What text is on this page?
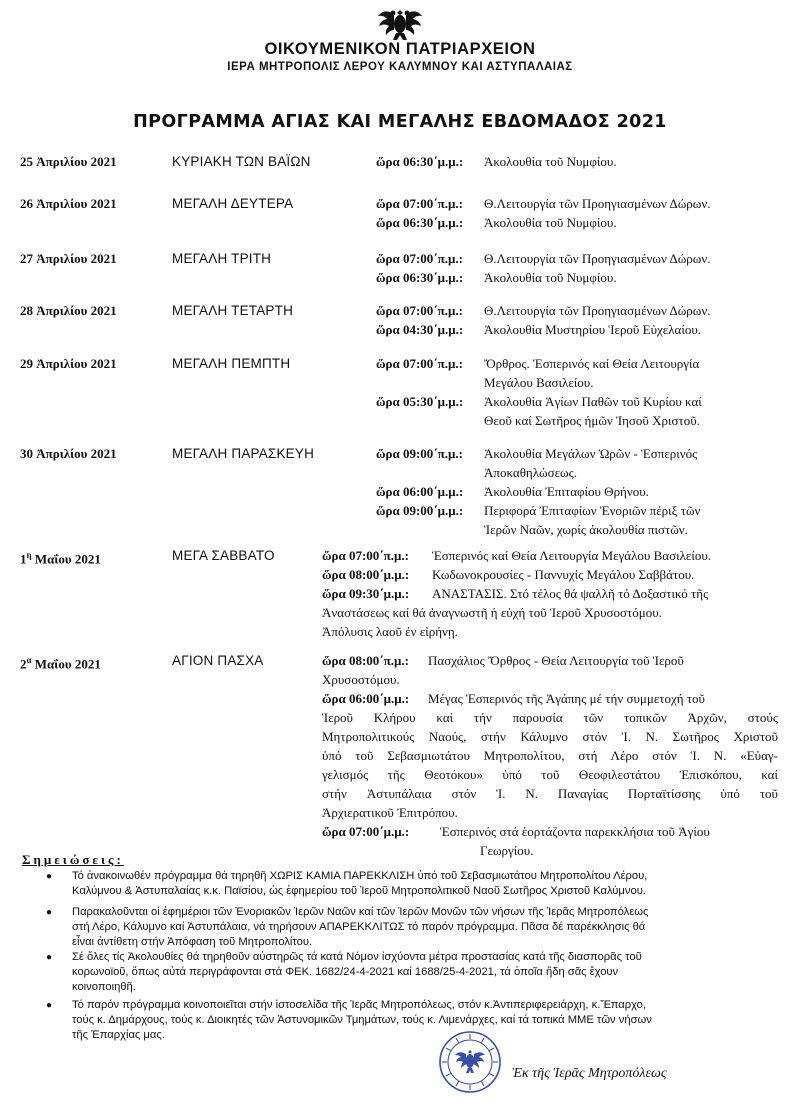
ΟΙΚΟΥΜΕΝΙΚΟΝ ΠΑΤΡΙΑΡΧΕΙΟΝ
ΙΕΡΑ ΜΗΤΡΟΠΟΛΙΣ ΛΕΡΟΥ ΚΑΛΥΜΝΟΥ ΚΑΙ ΑΣΤΥΠΑΛΑΙΑΣ
ΠΡΟΓΡΑΜΜΑ ΑΓΙΑΣ ΚΑΙ ΜΕΓΑΛΗΣ ΕΒΔΟΜΑΔΟΣ 2021
25 Ἀπριλίου 2021	ΚΥΡΙΑΚΗ ΤΩΝ ΒΑΪΩΝ	ὥρα 06:30΄μ.μ.: Ἀκολουθία τοῦ Νυμφίου.
26 Ἀπριλίου 2021	ΜΕΓΑΛΗ ΔΕΥΤΕΡΑ	ὥρα 07:00΄π.μ.: Θ.Λειτουργία τῶν Προηγιασμένων Δώρων.
ὥρα 06:30΄μ.μ.: Ἀκολουθία τοῦ Νυμφίου.
27 Ἀπριλίου 2021	ΜΕΓΑΛΗ ΤΡΙΤΗ	ὥρα 07:00΄π.μ.: Θ.Λειτουργία τῶν Προηγιασμένων Δώρων.
ὥρα 06:30΄μ.μ.: Ἀκολουθία τοῦ Νυμφίου.
28 Ἀπριλίου 2021	ΜΕΓΑΛΗ ΤΕΤΑΡΤΗ	ὥρα 07:00΄π.μ.: Θ.Λειτουργία τῶν Προηγιασμένων Δώρων.
ὥρα 04:30΄μ.μ.: Ἀκολουθία Μυστηρίου Ἱεροῦ Εὐχελαίου.
29 Ἀπριλίου 2021	ΜΕΓΑΛΗ ΠΕΜΠΤΗ	ὥρα 07:00΄π.μ.: Ὄρθρος. Ἑσπερινός καί Θεία Λειτουργία
Μεγάλου Βασιλείου.
ὥρα 05:30΄μ.μ.: Ἀκολουθία Ἁγίων Παθῶν τοῦ Κυρίου καί
Θεοῦ καί Σωτῆρος ἡμῶν Ἰησοῦ Χριστοῦ.
30 Ἀπριλίου 2021	ΜΕΓΑΛΗ ΠΑΡΑΣΚΕΥΗ	ὥρα 09:00΄π.μ.: Ἀκολουθία Μεγάλων Ὡρῶν - Ἑσπερινός
Ἀποκαθηλώσεως.
ὥρα 06:00΄μ.μ.: Ἀκολουθία Ἐπιταφίου Θρήνου.
ὥρα 09:00΄μ.μ.: Περιφορά Ἐπιταφίων Ἐνοριῶν πέριξ τῶν
Ἱερῶν Ναῶν, χωρίς ἀκολουθία πιστῶν.
$1^\eta$ Μαΐου 2021	ΜΕΓΑ ΣΑΒΒΑΤΟ	ὥρα 07:00΄π.μ.: Ἑσπερινός καί Θεία Λειτουργία Μεγάλου Βασιλείου.
ὥρα 08:00΄μ.μ.: Κωδωνοκρουσίες - Παννυχίς Μεγάλου Σαββάτου.
ὥρα 09:30΄μ.μ.: ΑΝΑΣΤΑΣΙΣ. Στό τέλος θά ψαλλῆ τό Δοξαστικό τῆς
Ἀναστάσεως καί θά ἀναγνωστῆ ἡ εὐχή τοῦ Ἱεροῦ Χρυσοστόμου.
Ἀπόλυσις λαοῦ ἐν εἰρήνῃ.
$2^\alpha$ Μαΐου 2021	ΑΓΙΟΝ ΠΑΣΧΑ	ὥρα 08:00΄π.μ.: Πασχάλιος Ὄρθρος - Θεία Λειτουργία τοῦ Ἱεροῦ
Χρυσοστόμου.
ὥρα 06:00΄μ.μ.: Μέγας Ἑσπερινός τῆς Ἀγάπης μέ τήν συμμετοχή τοῦ
Ἱεροῦ Κλήρου καί τήν παρουσία τῶν τοπικῶν Ἀρχῶν, στούς
Μητροπολιτικούς Ναούς, στήν Κάλυμνο στόν Ἱ. Ν. Σωτῆρος Χριστοῦ
ὑπό τοῦ Σεβασμιωτάτου Μητροπολίτου, στή Λέρο στόν Ἱ. Ν. «Εὐαγ-
γελισμός τῆς Θεοτόκου» ὑπό τοῦ Θεοφιλεστάτου Ἐπισκόπου, καί
στήν Ἀστυπάλαια στόν Ἱ. Ν. Παναγίας Πορταϊτίσσης ὑπό τοῦ
Ἀρχιερατικοῦ Ἐπιτρόπου.
ὥρα 07:00΄μ.μ.: Ἑσπερινός στά ἑορτάζοντα παρεκκλήσια τοῦ Ἁγίου
Γεωργίου.
Σημειώσεις:
● Τό ἀνακοινωθέν πρόγραμμα θά τηρηθῆ ΧΩΡΙΣ ΚΑΜΙΑ ΠΑΡΕΚΚΛΙΣΗ ὑπό τοῦ Σεβασμιωτάτου Μητροπολίτου Λέρου,
Καλύμνου & Ἀστυπαλαίας κ.κ. Παϊσίου, ὡς ἐφημερίου τοῦ Ἱεροῦ Μητροπολιτικοῦ Ναοῦ Σωτῆρος Χριστοῦ Καλύμνου.
● Παρακαλοῦνται οἱ ἐφημέριοι τῶν Ἐνοριακῶν Ἱερῶν Ναῶν καί τῶν Ἱερῶν Μονῶν τῶν νήσων τῆς Ἱερᾶς Μητροπόλεως
στή Λέρο, Κάλυμνο καί Ἀστυπάλαια, νά τηρήσουν ΑΠΑΡΕΚΚΛΙΤΩΣ τό παρόν πρόγραμμα. Πᾶσα δέ παρέκκλησις θά
εἶναι ἀντίθετη στήν Ἀπόφαση τοῦ Μητροπολίτου.
● Σέ ὅλες τίς Ἀκολουθίες θά τηρηθοῦν αὐστηρῶς τά κατά Νόμον ἰσχύοντα μέτρα προστασίας κατά τῆς διασπορᾶς τοῦ
κορωνοϊοῦ, ὅπως αὐτά περιγράφονται στά ΦΕΚ. 1682/24-4-2021 καί 1688/25-4-2021, τά ὁποῖα ἤδη σᾶς ἔχουν
κοινοποιηθῆ.
● Τό παρόν πρόγραμμα κοινοποιεῖται στήν ἱστοσελίδα τῆς Ἱερᾶς Μητροπόλεως, στόν κ.Ἀντιπεριφερειάρχη, κ.Ἔπαρχο,
τούς κ. Δημάρχους, τούς κ. Διοικητές τῶν Ἀστυνομικῶν Τμημάτων, τούς κ. Λιμενάρχες, καί τά τοπικά ΜΜΕ τῶν νήσων
τῆς Ἐπαρχίας μας.
Ἐκ τῆς Ἱερᾶς Μητροπόλεως
